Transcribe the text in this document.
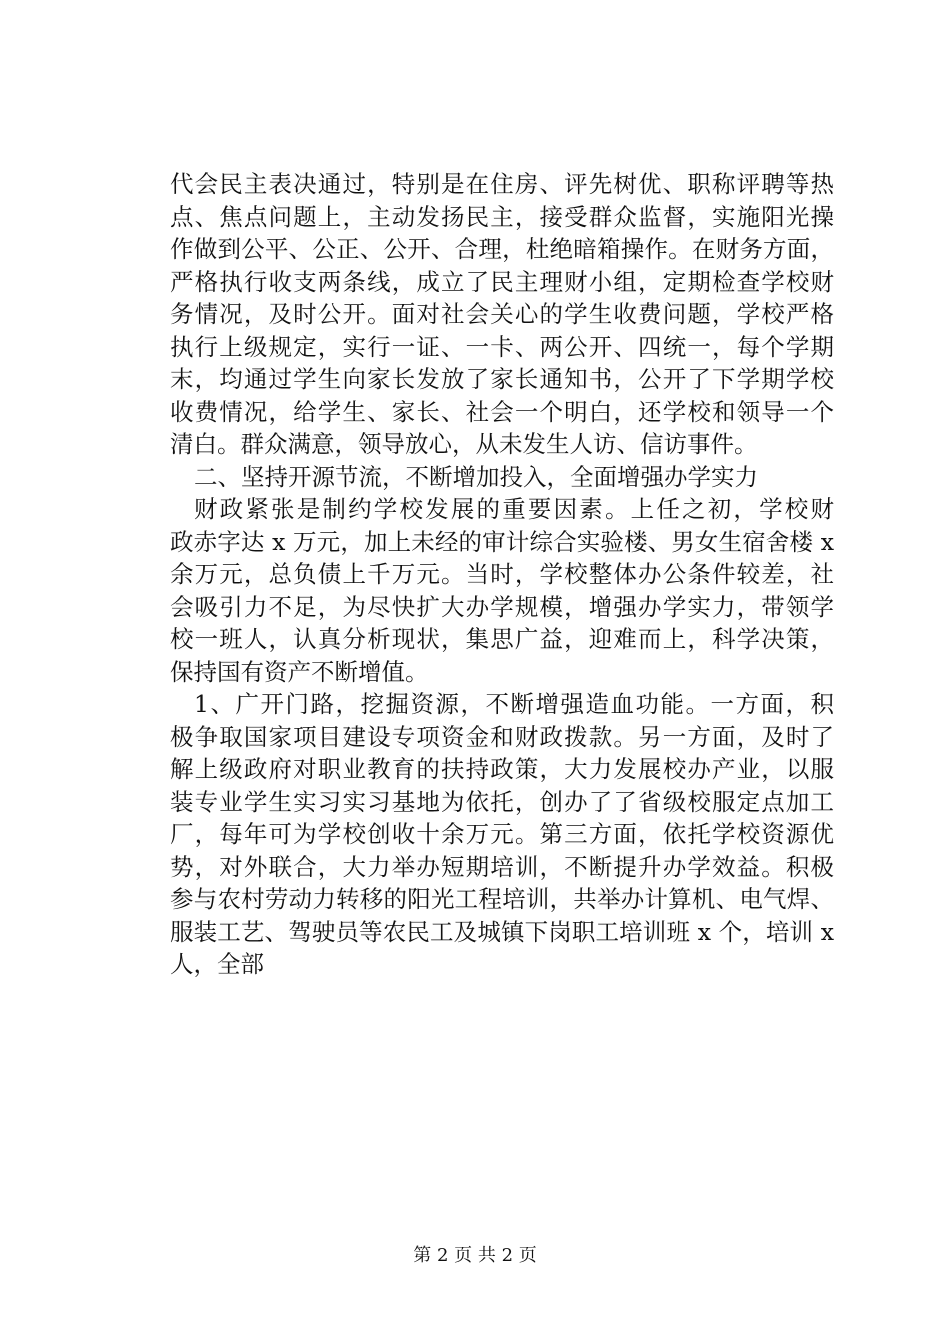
代会民主表决通过，特别是在住房、评先树优、职称评聘等热
点、焦点问题上，主动发扬民主，接受群众监督，实施阳光操
作做到公平、公正、公开、合理，杜绝暗箱操作。在财务方面，
严格执行收支两条线，成立了民主理财小组，定期检查学校财
务情况，及时公开。面对社会关心的学生收费问题，学校严格
执行上级规定，实行一证、一卡、两公开、四统一，每个学期
末，均通过学生向家长发放了家长通知书，公开了下学期学校
收费情况，给学生、家长、社会一个明白，还学校和领导一个
清白。群众满意，领导放心，从未发生人访、信访事件。
二、坚持开源节流，不断增加投入，全面增强办学实力
财政紧张是制约学校发展的重要因素。上任之初，学校财
政赤字达 x 万元，加上未经的审计综合实验楼、男女生宿舍楼 x
余万元，总负债上千万元。当时，学校整体办公条件较差，社
会吸引力不足，为尽快扩大办学规模，增强办学实力，带领学
校一班人，认真分析现状，集思广益，迎难而上，科学决策，
保持国有资产不断增值。
1、广开门路，挖掘资源，不断增强造血功能。一方面，积
极争取国家项目建设专项资金和财政拨款。另一方面，及时了
解上级政府对职业教育的扶持政策，大力发展校办产业，以服
装专业学生实习实习基地为依托，创办了了省级校服定点加工
厂，每年可为学校创收十余万元。第三方面，依托学校资源优
势，对外联合，大力举办短期培训，不断提升办学效益。积极
参与农村劳动力转移的阳光工程培训，共举办计算机、电气焊、
服装工艺、驾驶员等农民工及城镇下岗职工培训班 x 个，培训 x
人，全部
第 2 页 共 2 页
